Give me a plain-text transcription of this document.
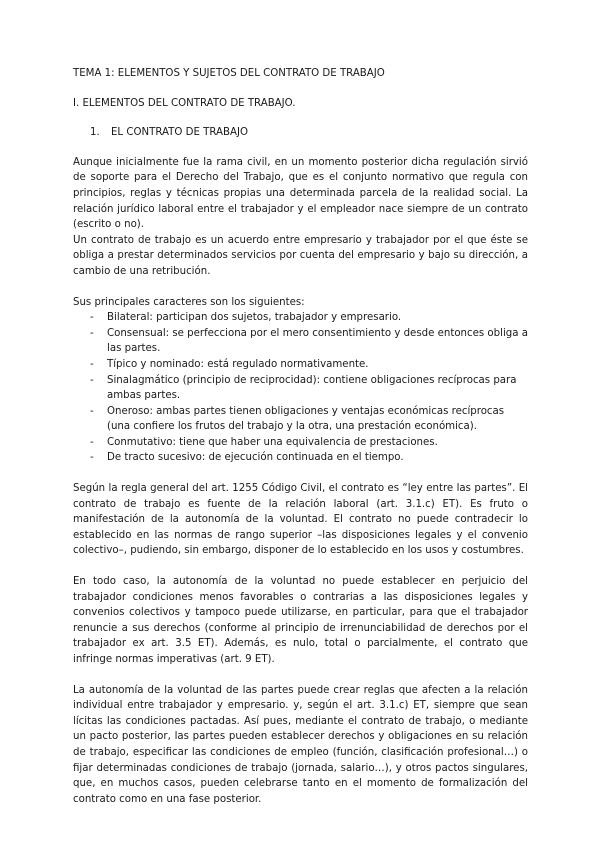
TEMA 1: ELEMENTOS Y SUJETOS DEL CONTRATO DE TRABAJO
I. ELEMENTOS DEL CONTRATO DE TRABAJO.
1. EL CONTRATO DE TRABAJO

Aunque inicialmente fue la rama civil, en un momento posterior dicha regulación sirvió de soporte para el Derecho del Trabajo, que es el conjunto normativo que regula con principios, reglas y técnicas propias una determinada parcela de la realidad social. La relación jurídico laboral entre el trabajador y el empleador nace siempre de un contrato (escrito o no).

Un contrato de trabajo es un acuerdo entre empresario y trabajador por el que éste se obliga a prestar determinados servicios por cuenta del empresario y bajo su dirección, a cambio de una retribución.

Sus principales caracteres son los siguientes:

- Bilateral: participan dos sujetos, trabajador y empresario.
- Consensual: se perfecciona por el mero consentimiento y desde entonces obliga a las partes.
- Típico y nominado: está regulado normativamente.
- Sinalagmático (principio de reciprocidad): contiene obligaciones recíprocas para ambas partes.
- Oneroso: ambas partes tienen obligaciones y ventajas económicas recíprocas (una confiere los frutos del trabajo y la otra, una prestación económica).
- Conmutativo: tiene que haber una equivalencia de prestaciones.
- De tracto sucesivo: de ejecución continuada en el tiempo.

Según la regla general del art. 1255 Código Civil, el contrato es “ley entre las partes”. El contrato de trabajo es fuente de la relación laboral (art. 3.1.c) ET). Es fruto o manifestación de la autonomía de la voluntad. El contrato no puede contradecir lo establecido en las normas de rango superior –las disposiciones legales y el convenio colectivo–, pudiendo, sin embargo, disponer de lo establecido en los usos y costumbres.

En todo caso, la autonomía de la voluntad no puede establecer en perjuicio del trabajador condiciones menos favorables o contrarias a las disposiciones legales y convenios colectivos y tampoco puede utilizarse, en particular, para que el trabajador renuncie a sus derechos (conforme al principio de irrenunciabilidad de derechos por el trabajador ex art. 3.5 ET). Además, es nulo, total o parcialmente, el contrato que infringe normas imperativas (art. 9 ET).

La autonomía de la voluntad de las partes puede crear reglas que afecten a la relación individual entre trabajador y empresario. y, según el art. 3.1.c) ET, siempre que sean lícitas las condiciones pactadas. Así pues, mediante el contrato de trabajo, o mediante un pacto posterior, las partes pueden establecer derechos y obligaciones en su relación de trabajo, especificar las condiciones de empleo (función, clasificación profesional…) o fijar determinadas condiciones de trabajo (jornada, salario…), y otros pactos singulares, que, en muchos casos, pueden celebrarse tanto en el momento de formalización del contrato como en una fase posterior.
